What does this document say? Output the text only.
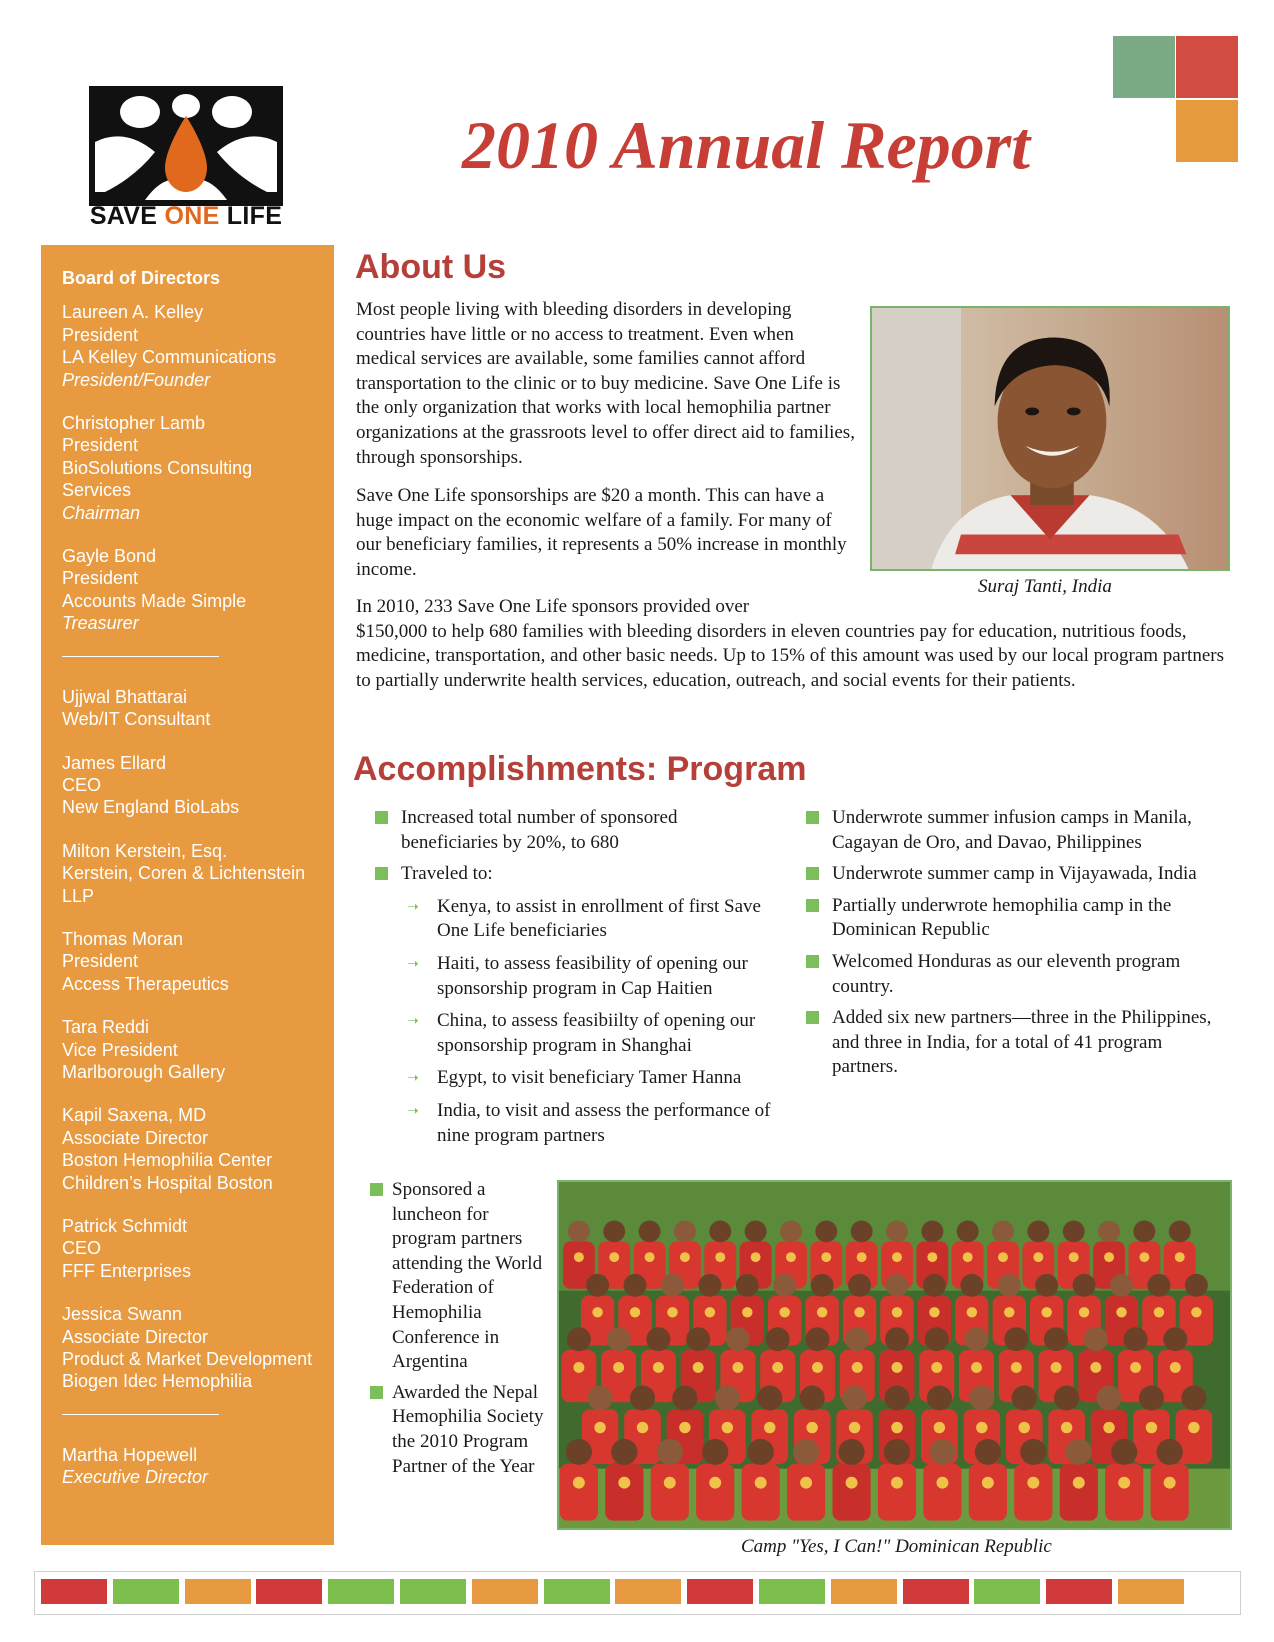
SAVE ONE LIFE
2010 Annual Report
Board of Directors
Laureen A. Kelley
President
LA Kelley Communications
President/Founder
Christopher Lamb
President
BioSolutions Consulting
Services
Chairman
Gayle Bond
President
Accounts Made Simple
Treasurer
Ujjwal Bhattarai
Web/IT Consultant
James Ellard
CEO
New England BioLabs
Milton Kerstein, Esq.
Kerstein, Coren & Lichtenstein
LLP
Thomas Moran
President
Access Therapeutics
Tara Reddi
Vice President
Marlborough Gallery
Kapil Saxena, MD
Associate Director
Boston Hemophilia Center
Children’s Hospital Boston
Patrick Schmidt
CEO
FFF Enterprises
Jessica Swann
Associate Director
Product & Market Development
Biogen Idec Hemophilia
Martha Hopewell
Executive Director
About Us

Most people living with bleeding disorders in developing countries have little or no access to treatment. Even when medical services are available, some families cannot afford transportation to the clinic or to buy medicine. Save One Life is the only organization that works with local hemophilia partner organizations at the grassroots level to offer direct aid to families, through sponsorships.

Save One Life sponsorships are $20 a month. This can have a huge impact on the economic welfare of a family. For many of our beneficiary families, it represents a 50% increase in monthly income.

In 2010, 233 Save One Life sponsors provided over
$150,000 to help 680 families with bleeding disorders in eleven countries pay for education, nutritious foods, medicine, transportation, and other basic needs. Up to 15% of this amount was used by our local program partners to partially underwrite health services, education, outreach, and social events for their patients.

Suraj Tanti, India
Accomplishments: Program
Increased total number of sponsored beneficiaries by 20%, to 680
Traveled to:
➝ Kenya, to assist in enrollment of first Save One Life beneficiaries
➝ Haiti, to assess feasibility of opening our sponsorship program in Cap Haitien
➝ China, to assess feasibiilty of opening our sponsorship program in Shanghai
➝ Egypt, to visit beneficiary Tamer Hanna
➝ India, to visit and assess the performance of nine program partners
Underwrote summer infusion camps in Manila, Cagayan de Oro, and Davao, Philippines
Underwrote summer camp in Vijayawada, India
Partially underwrote hemophilia camp in the Dominican Republic
Welcomed Honduras as our eleventh program country.
Added six new partners—three in the Philippines, and three in India, for a total of 41 program partners.
Sponsored a luncheon for program partners attending the World Federation of Hemophilia Conference in Argentina
Awarded the Nepal Hemophilia Society the 2010 Program Partner of the Year
Camp "Yes, I Can!" Dominican Republic
